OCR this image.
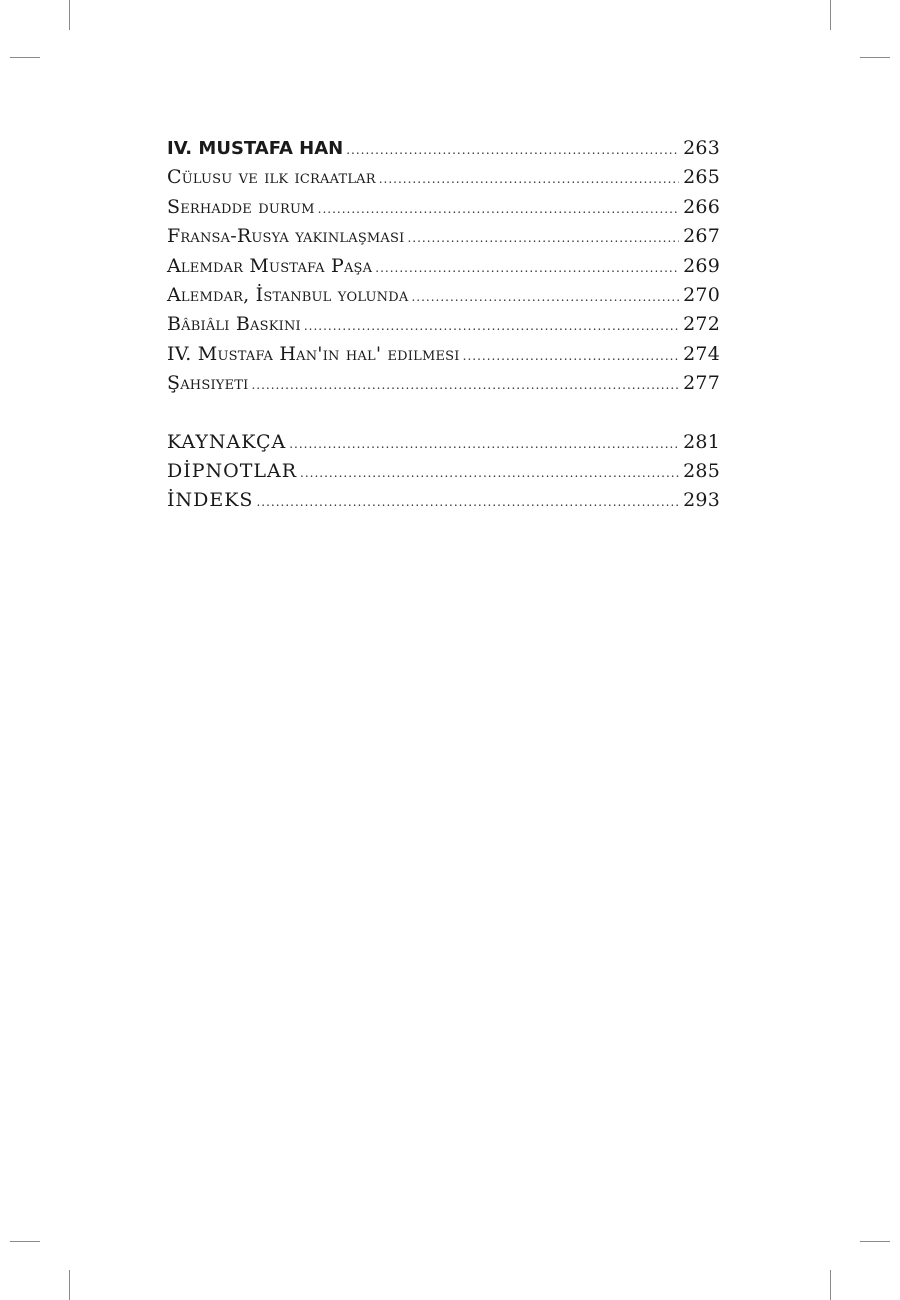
IV. MUSTAFA HAN .....	263
Cülusu ve ilk icraatlar .....	265
Serhadde durum .....	266
Fransa-Rusya yakınlaşması .....	267
Alemdar Mustafa Paşa .....	269
Alemdar, İstanbul yolunda .....	270
Bâbıâli Baskını .....	272
IV. Mustafa Han'ın hal' edilmesi .....	274
Şahsiyeti .....	277
KAYNAKÇA .....	281
DİPNOTLAR .....	285
İNDEKS .....	293
